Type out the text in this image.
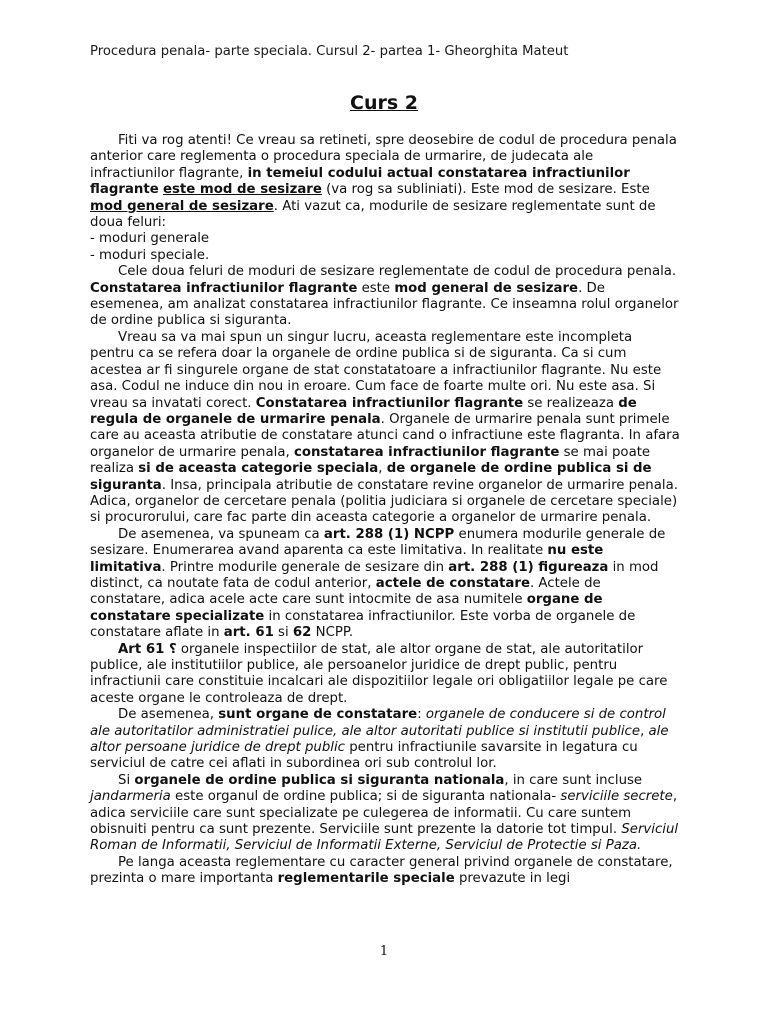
Procedura penala- parte speciala. Cursul 2- partea 1- Gheorghita Mateut
Curs 2

Fiti va rog atenti! Ce vreau sa retineti, spre deosebire de codul de procedura penala anterior care reglementa o procedura speciala de urmarire, de judecata ale infractiunilor flagrante, in temeiul codului actual constatarea infractiunilor flagrante este mod de sesizare (va rog sa subliniati). Este mod de sesizare. Este mod general de sesizare. Ati vazut ca, modurile de sesizare reglementate sunt de doua feluri:

- moduri generale

- moduri speciale.

Cele doua feluri de moduri de sesizare reglementate de codul de procedura penala. Constatarea infractiunilor flagrante este mod general de sesizare. De esemenea, am analizat constatarea infractiunilor flagrante. Ce inseamna rolul organelor de ordine publica si siguranta.

Vreau sa va mai spun un singur lucru, aceasta reglementare este incompleta pentru ca se refera doar la organele de ordine publica si de siguranta. Ca si cum acestea ar fi singurele organe de stat constatatoare a infractiunilor flagrante. Nu este asa. Codul ne induce din nou in eroare. Cum face de foarte multe ori. Nu este asa. Si vreau sa invatati corect. Constatarea infractiunilor flagrante se realizeaza de regula de organele de urmarire penala. Organele de urmarire penala sunt primele care au aceasta atributie de constatare atunci cand o infractiune este flagranta. In afara organelor de urmarire penala, constatarea infractiunilor flagrante se mai poate realiza si de aceasta categorie speciala, de organele de ordine publica si de siguranta. Insa, principala atributie de constatare revine organelor de urmarire penala. Adica, organelor de cercetare penala (politia judiciara si organele de cercetare speciale) si procurorului, care fac parte din aceasta categorie a organelor de urmarire penala.

De asemenea, va spuneam ca art. 288 (1) NCPP enumera modurile generale de sesizare. Enumerarea avand aparenta ca este limitativa. In realitate nu este limitativa. Printre modurile generale de sesizare din art. 288 (1) figureaza in mod distinct, ca noutate fata de codul anterior, actele de constatare. Actele de constatare, adica acele acte care sunt intocmite de asa numitele organe de constatare specializate in constatarea infractiunilor. Este vorba de organele de constatare aflate in art. 61 si 62 NCPP.

Art 61 ⸮ organele inspectiilor de stat, ale altor organe de stat, ale autoritatilor publice, ale institutiilor publice, ale persoanelor juridice de drept public, pentru infractiunii care constituie incalcari ale dispozitiilor legale ori obligatiilor legale pe care aceste organe le controleaza de drept.

De asemenea, sunt organe de constatare: organele de conducere si de control ale autoritatilor administratiei pulice, ale altor autoritati publice si institutii publice, ale altor persoane juridice de drept public pentru infractiunile savarsite in legatura cu serviciul de catre cei aflati in subordinea ori sub controlul lor.

Si organele de ordine publica si siguranta nationala, in care sunt incluse jandarmeria este organul de ordine publica; si de siguranta nationala- serviciile secrete, adica serviciile care sunt specializate pe culegerea de informatii. Cu care suntem obisnuiti pentru ca sunt prezente. Serviciile sunt prezente la datorie tot timpul. Serviciul Roman de Informatii, Serviciul de Informatii Externe, Serviciul de Protectie si Paza.

Pe langa aceasta reglementare cu caracter general privind organele de constatare, prezinta o mare importanta reglementarile speciale prevazute in legi

1
